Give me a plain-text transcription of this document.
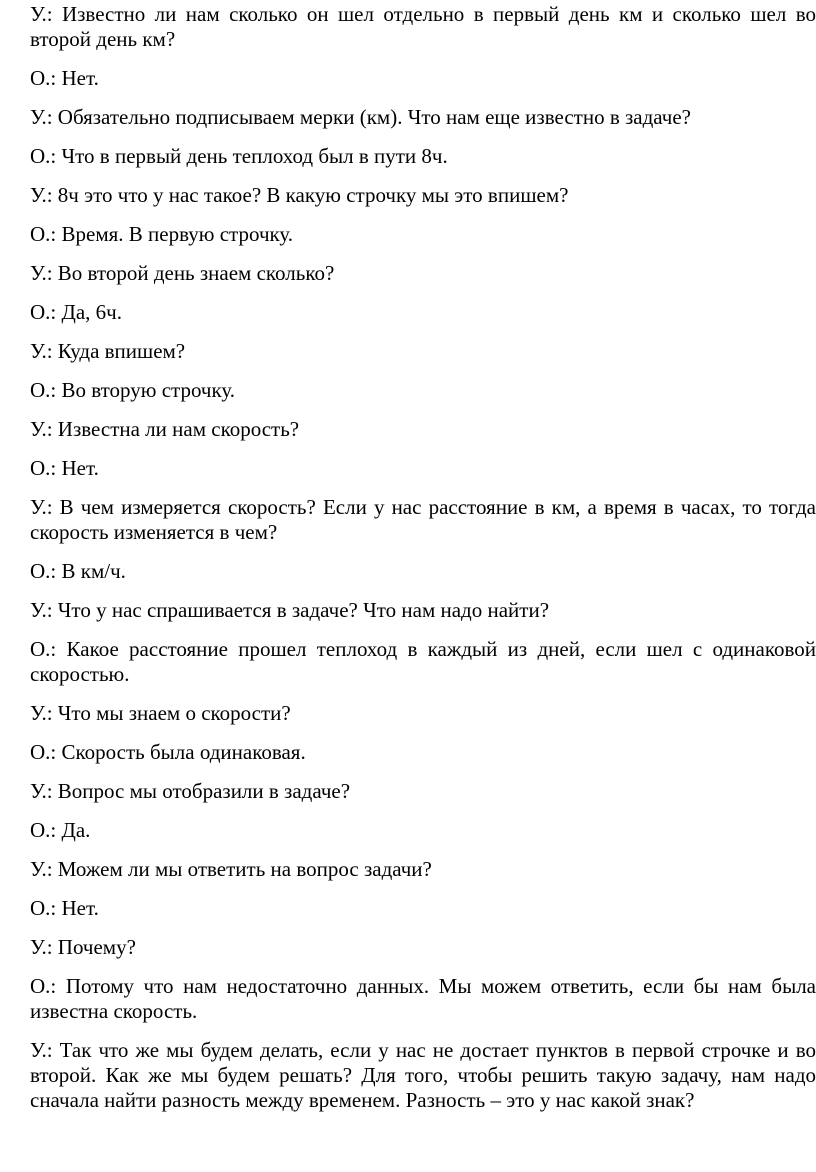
У.: Известно ли нам сколько он шел отдельно в первый день км и сколько шел во второй день км?

О.: Нет.

У.: Обязательно подписываем мерки (км). Что нам еще известно в задаче?

О.: Что в первый день теплоход был в пути 8ч.

У.: 8ч это что у нас такое? В какую строчку мы это впишем?

О.: Время. В первую строчку.

У.: Во второй день знаем сколько?

О.: Да, 6ч.

У.: Куда впишем?

О.: Во вторую строчку.

У.: Известна ли нам скорость?

О.: Нет.

У.: В чем измеряется скорость? Если у нас расстояние в км, а время в часах, то тогда скорость изменяется в чем?

О.: В км/ч.

У.: Что у нас спрашивается в задаче? Что нам надо найти?

О.: Какое расстояние прошел теплоход в каждый из дней, если шел с одинаковой скоростью.

У.: Что мы знаем о скорости?

О.: Скорость была одинаковая.

У.: Вопрос мы отобразили в задаче?

О.: Да.

У.: Можем ли мы ответить на вопрос задачи?

О.: Нет.

У.: Почему?

О.: Потому что нам недостаточно данных. Мы можем ответить, если бы нам была известна скорость.

У.: Так что же мы будем делать, если у нас не достает пунктов в первой строчке и во второй. Как же мы будем решать? Для того, чтобы решить такую задачу, нам надо сначала найти разность между временем. Разность – это у нас какой знак?
